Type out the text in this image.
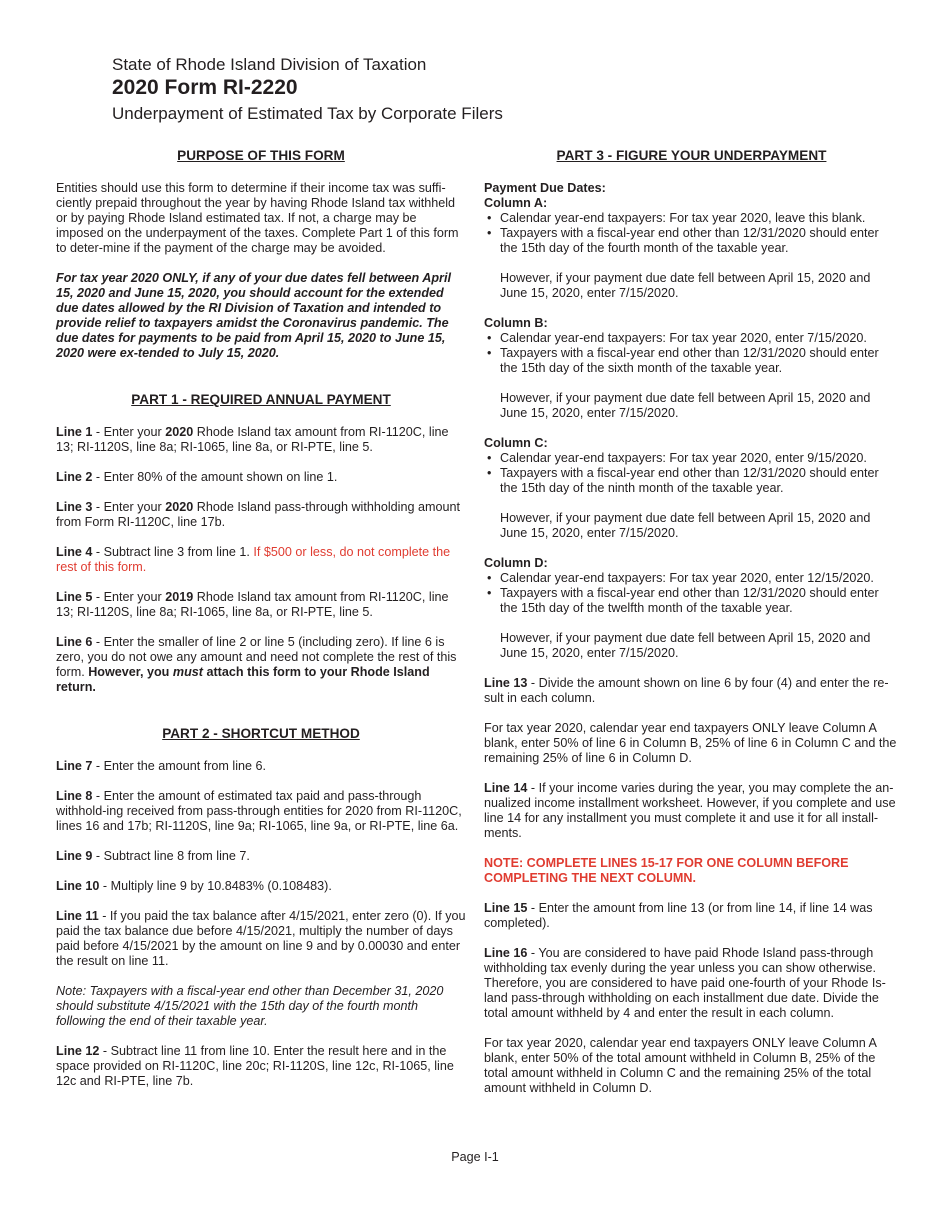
State of Rhode Island Division of Taxation
2020 Form RI-2220
Underpayment of Estimated Tax by Corporate Filers
PURPOSE OF THIS FORM

Entities should use this form to determine if their income tax was suffi-ciently prepaid throughout the year by having Rhode Island tax withheld or by paying Rhode Island estimated tax. If not, a charge may be imposed on the underpayment of the taxes. Complete Part 1 of this form to deter-mine if the payment of the charge may be avoided.

For tax year 2020 ONLY, if any of your due dates fell between April 15, 2020 and June 15, 2020, you should account for the extended due dates allowed by the RI Division of Taxation and intended to provide relief to taxpayers amidst the Coronavirus pandemic. The due dates for payments to be paid from April 15, 2020 to June 15, 2020 were ex-tended to July 15, 2020.

PART 1 - REQUIRED ANNUAL PAYMENT

Line 1 - Enter your 2020 Rhode Island tax amount from RI-1120C, line 13; RI-1120S, line 8a; RI-1065, line 8a, or RI-PTE, line 5.

Line 2 - Enter 80% of the amount shown on line 1.

Line 3 - Enter your 2020 Rhode Island pass-through withholding amount from Form RI-1120C, line 17b.

Line 4 - Subtract line 3 from line 1. If $500 or less, do not complete the rest of this form.

Line 5 - Enter your 2019 Rhode Island tax amount from RI-1120C, line 13; RI-1120S, line 8a; RI-1065, line 8a, or RI-PTE, line 5.

Line 6 - Enter the smaller of line 2 or line 5 (including zero). If line 6 is zero, you do not owe any amount and need not complete the rest of this form. However, you must attach this form to your Rhode Island return.

PART 2 - SHORTCUT METHOD

Line 7 - Enter the amount from line 6.

Line 8 - Enter the amount of estimated tax paid and pass-through withhold-ing received from pass-through entities for 2020 from RI-1120C, lines 16 and 17b; RI-1120S, line 9a; RI-1065, line 9a, or RI-PTE, line 6a.

Line 9 - Subtract line 8 from line 7.

Line 10 - Multiply line 9 by 10.8483% (0.108483).

Line 11 - If you paid the tax balance after 4/15/2021, enter zero (0). If you paid the tax balance due before 4/15/2021, multiply the number of days paid before 4/15/2021 by the amount on line 9 and by 0.00030 and enter the result on line 11.

Note: Taxpayers with a fiscal-year end other than December 31, 2020 should substitute 4/15/2021 with the 15th day of the fourth month following the end of their taxable year.

Line 12 - Subtract line 11 from line 10. Enter the result here and in the space provided on RI-1120C, line 20c; RI-1120S, line 12c, RI-1065, line 12c and RI-PTE, line 7b.

PART 3 - FIGURE YOUR UNDERPAYMENT
Payment Due Dates:
Column A:
• Calendar year-end taxpayers: For tax year 2020, leave this blank.
• Taxpayers with a fiscal-year end other than 12/31/2020 should enter the 15th day of the fourth month of the taxable year.
However, if your payment due date fell between April 15, 2020 and June 15, 2020, enter 7/15/2020.
Column B:
• Calendar year-end taxpayers: For tax year 2020, enter 7/15/2020.
• Taxpayers with a fiscal-year end other than 12/31/2020 should enter the 15th day of the sixth month of the taxable year.
However, if your payment due date fell between April 15, 2020 and June 15, 2020, enter 7/15/2020.
Column C:
• Calendar year-end taxpayers: For tax year 2020, enter 9/15/2020.
• Taxpayers with a fiscal-year end other than 12/31/2020 should enter the 15th day of the ninth month of the taxable year.
However, if your payment due date fell between April 15, 2020 and June 15, 2020, enter 7/15/2020.
Column D:
• Calendar year-end taxpayers: For tax year 2020, enter 12/15/2020.
• Taxpayers with a fiscal-year end other than 12/31/2020 should enter the 15th day of the twelfth month of the taxable year.
However, if your payment due date fell between April 15, 2020 and June 15, 2020, enter 7/15/2020.

Line 13 - Divide the amount shown on line 6 by four (4) and enter the re-sult in each column.

For tax year 2020, calendar year end taxpayers ONLY leave Column A blank, enter 50% of line 6 in Column B, 25% of line 6 in Column C and the remaining 25% of line 6 in Column D.

Line 14 - If your income varies during the year, you may complete the an-nualized income installment worksheet. However, if you complete and use line 14 for any installment you must complete it and use it for all install-ments.

NOTE: COMPLETE LINES 15-17 FOR ONE COLUMN BEFORE COMPLETING THE NEXT COLUMN.

Line 15 - Enter the amount from line 13 (or from line 14, if line 14 was completed).

Line 16 - You are considered to have paid Rhode Island pass-through withholding tax evenly during the year unless you can show otherwise. Therefore, you are considered to have paid one-fourth of your Rhode Is-land pass-through withholding on each installment due date. Divide the total amount withheld by 4 and enter the result in each column.

For tax year 2020, calendar year end taxpayers ONLY leave Column A blank, enter 50% of the total amount withheld in Column B, 25% of the total amount withheld in Column C and the remaining 25% of the total amount withheld in Column D.

Page I-1
